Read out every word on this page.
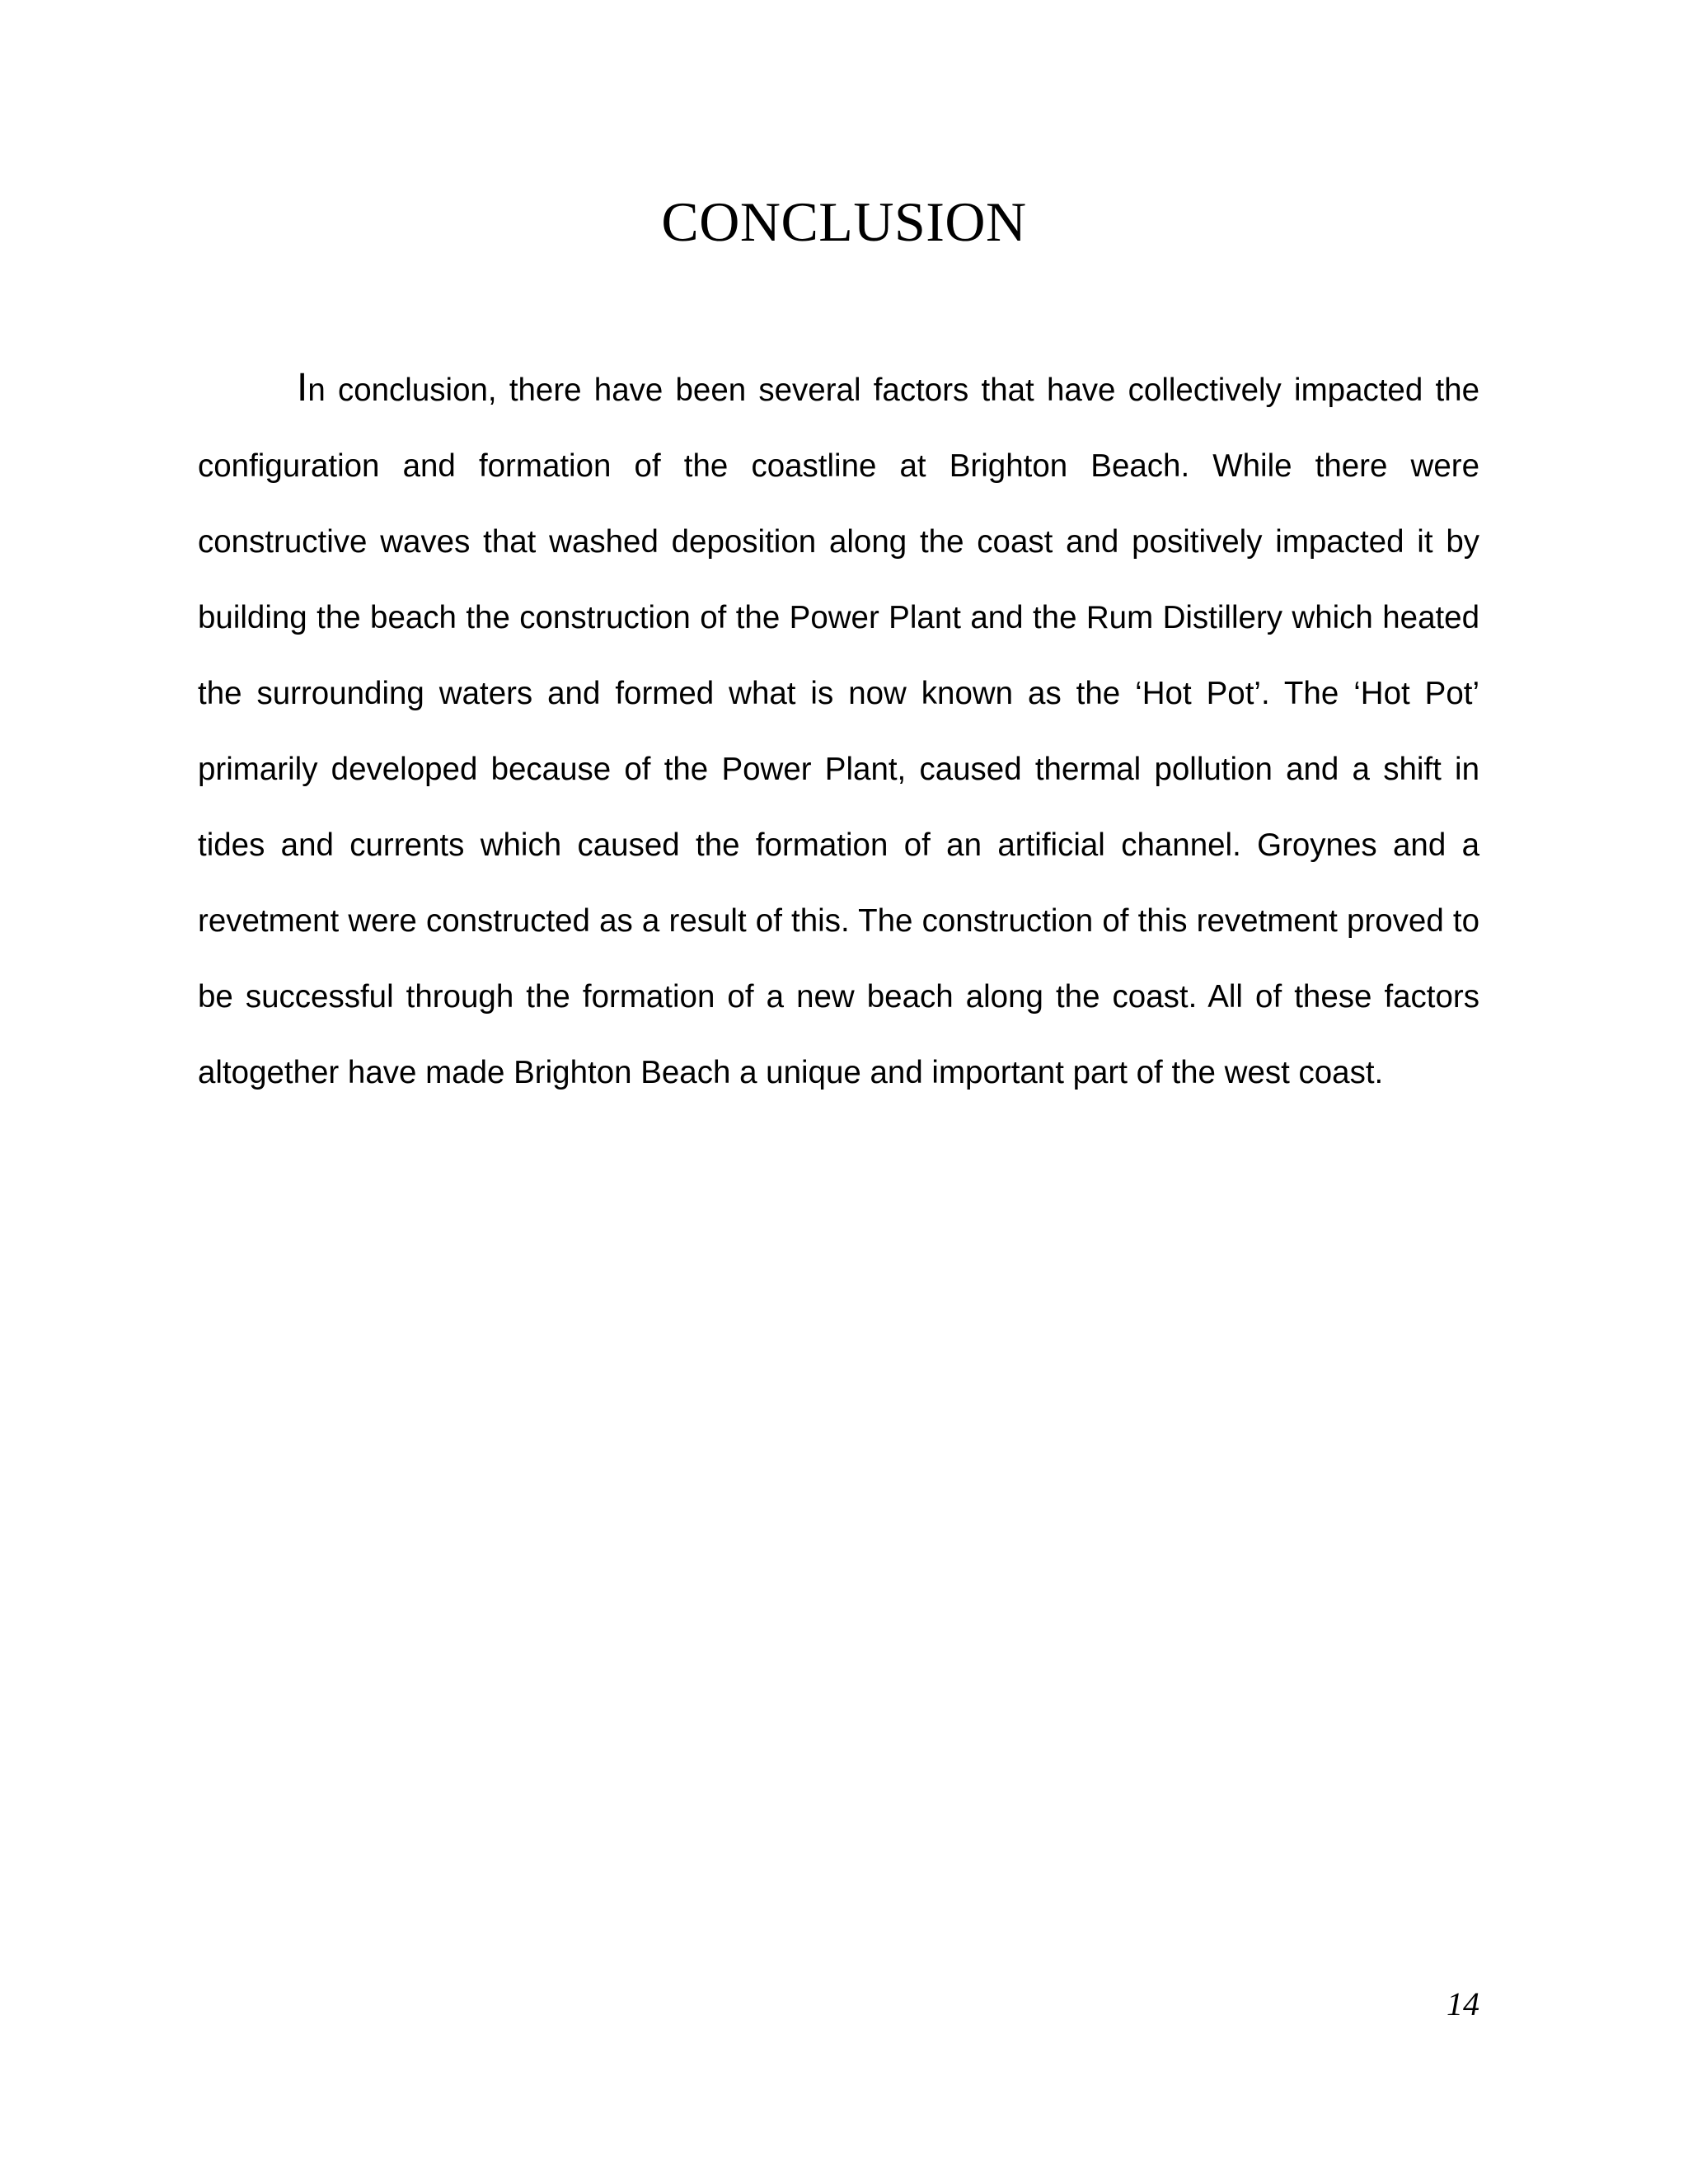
CONCLUSION

In conclusion, there have been several factors that have collectively impacted the configuration and formation of the coastline at Brighton Beach. While there were constructive waves that washed deposition along the coast and positively impacted it by building the beach the construction of the Power Plant and the Rum Distillery which heated the surrounding waters and formed what is now known as the ‘Hot Pot’. The ‘Hot Pot’ primarily developed because of the Power Plant, caused thermal pollution and a shift in tides and currents which caused the formation of an artificial channel. Groynes and a revetment were constructed as a result of this. The construction of this revetment proved to be successful through the formation of a new beach along the coast. All of these factors altogether have made Brighton Beach a unique and important part of the west coast.

14
